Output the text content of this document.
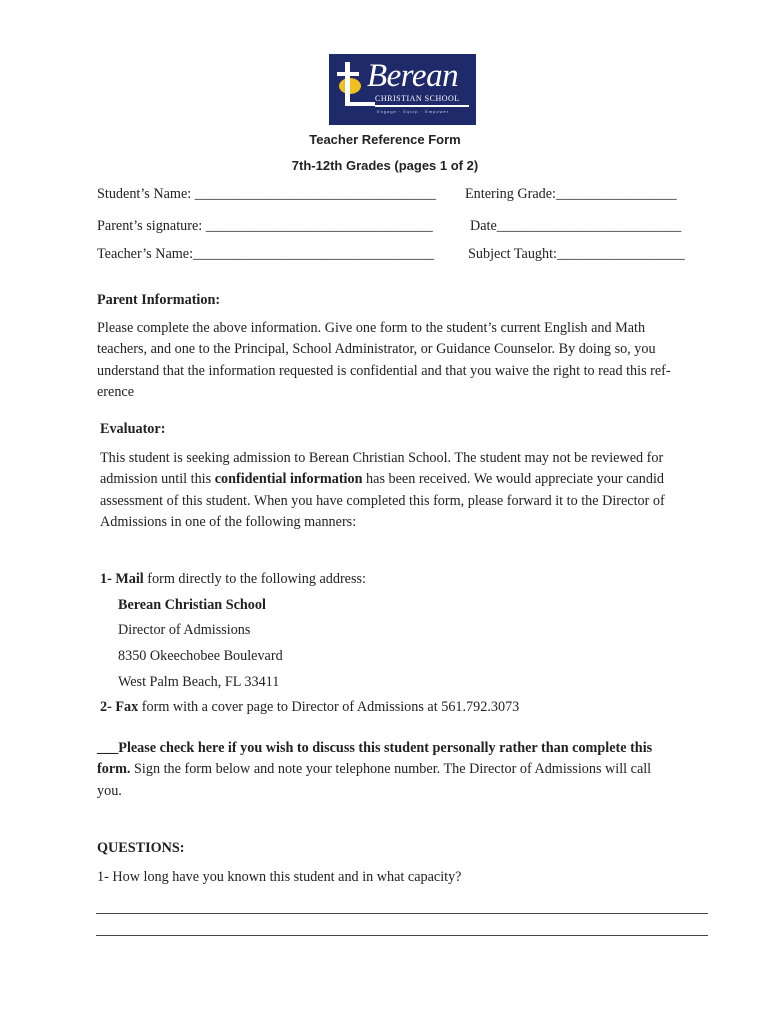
Berean
CHRISTIAN SCHOOL
Engage · Equip · Empower
Teacher Reference Form
7th-12th Grades (pages 1 of 2)
Student’s Name: __________________________________ Entering Grade:_________________
Parent’s signature: ________________________________	Date__________________________
Teacher’s Name:__________________________________ Subject Taught:__________________
Parent Information:
Please complete the above information. Give one form to the student’s current English and Math
teachers, and one to the Principal, School Administrator, or Guidance Counselor. By doing so, you
understand that the information requested is confidential and that you waive the right to read this ref-
erence
Evaluator:
This student is seeking admission to Berean Christian School. The student may not be reviewed for
admission until this confidential information has been received. We would appreciate your candid
assessment of this student. When you have completed this form, please forward it to the Director of
Admissions in one of the following manners:
1- Mail form directly to the following address:
Berean Christian School
Director of Admissions
8350 Okeechobee Boulevard
West Palm Beach, FL 33411
2- Fax form with a cover page to Director of Admissions at 561.792.3073
___Please check here if you wish to discuss this student personally rather than complete this
form. Sign the form below and note your telephone number. The Director of Admissions will call
you.
QUESTIONS:
1- How long have you known this student and in what capacity?
